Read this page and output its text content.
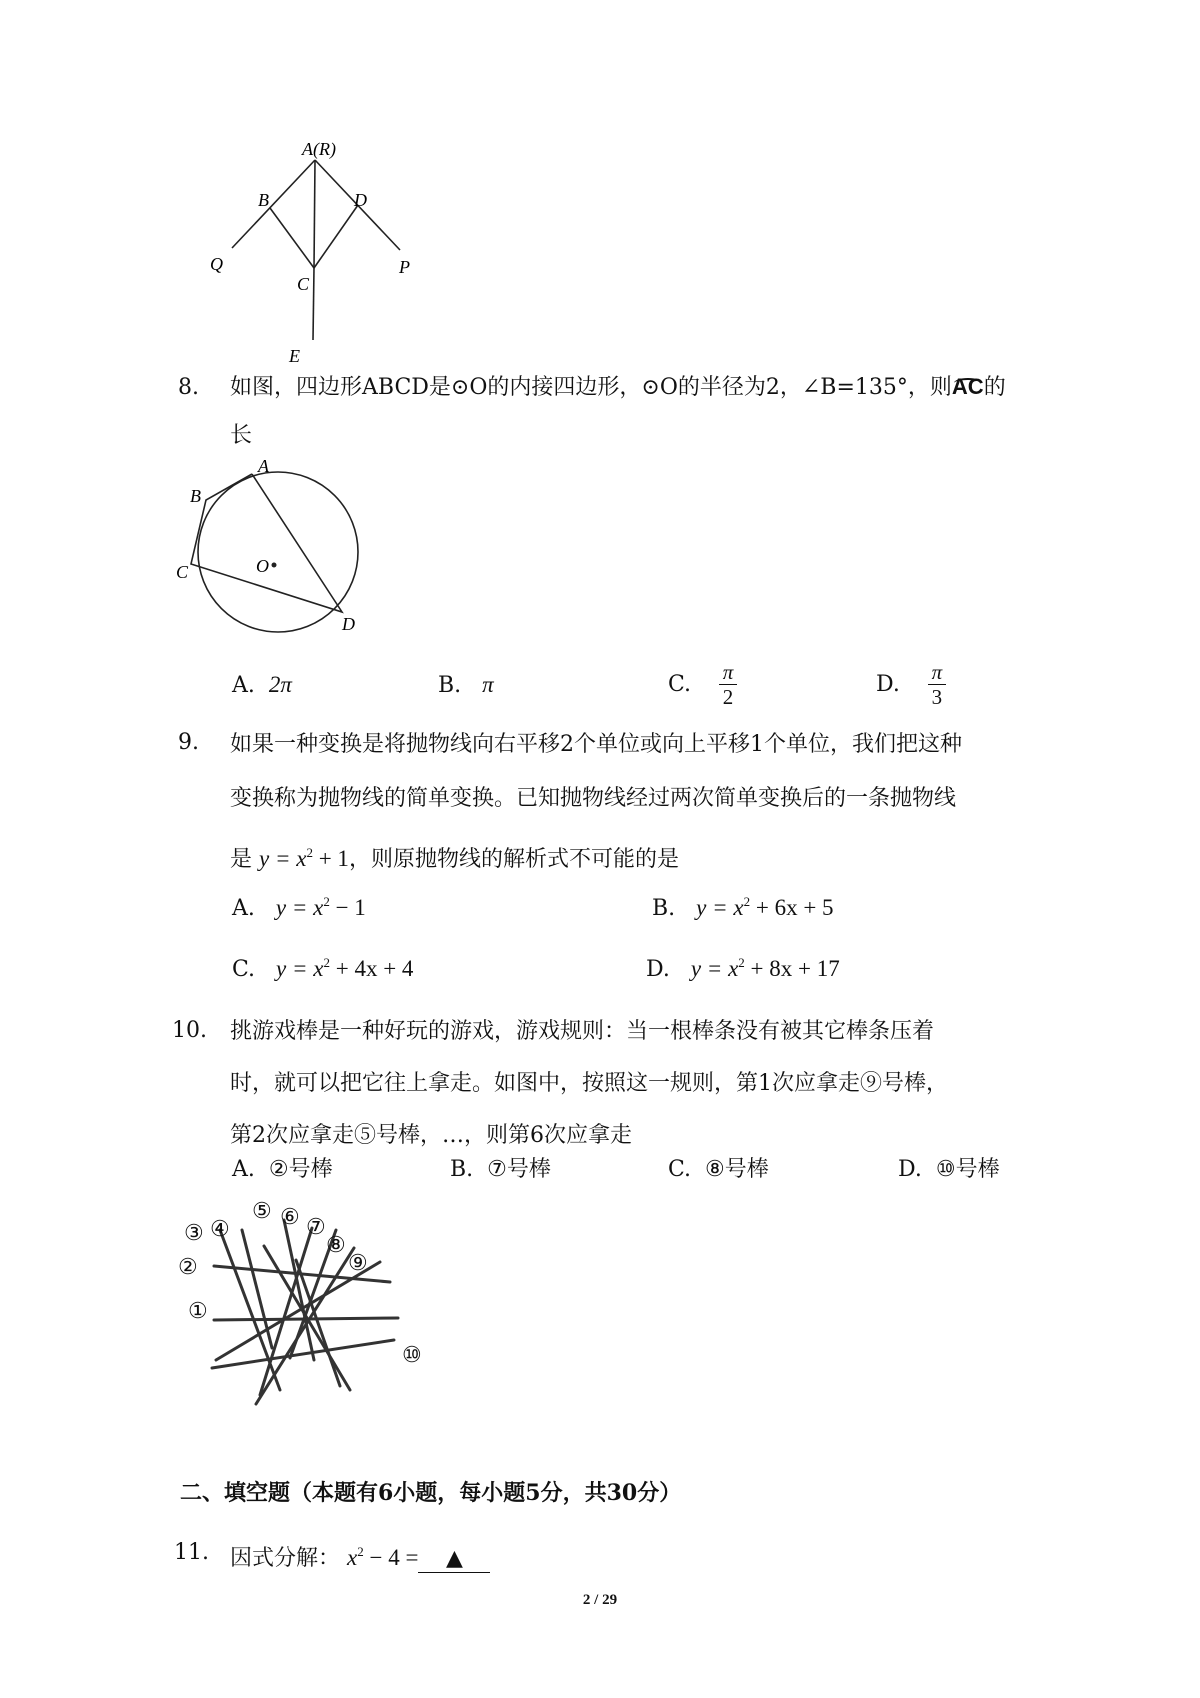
A(R)
B	D
Q
C
P
E
8. 如图，四边形ABCD是⊙O的内接四边形，⊙O的半径为2，∠B=135°，则
AC的
长
A
B
C	O
D
A. 2π	B. π	C. $\frac{\pi}{2}$	D. $\frac{\pi}{3}$
9. 如果一种变换是将抛物线向右平移2个单位或向上平移1个单位，我们把这种
变换称为抛物线的简单变换。已知抛物线经过两次简单变换后的一条抛物线
是 $y = x^2 + 1$，则原抛物线的解析式不可能的是
A. $y = x^2 - 1$	B. $y = x^2 + 6x + 5$
C. $y = x^2 + 4x + 4$	D. $y = x^2 + 8x + 17$
10. 挑游戏棒是一种好玩的游戏，游戏规则：当一根棒条没有被其它棒条压着
时，就可以把它往上拿走。如图中，按照这一规则，第1次应拿走⑨号棒，
第2次应拿走⑤号棒，…，则第6次应拿走
A. ②号棒	B. ⑦号棒	C. ⑧号棒	D. ⑩号棒
③ ④
⑤ ⑥ ⑦
⑧
⑨
②
①
⑩
二、填空题（本题有6小题，每小题5分，共30分）
11. 因式分解： $x^2 - 4$ = ▲
2 / 29
